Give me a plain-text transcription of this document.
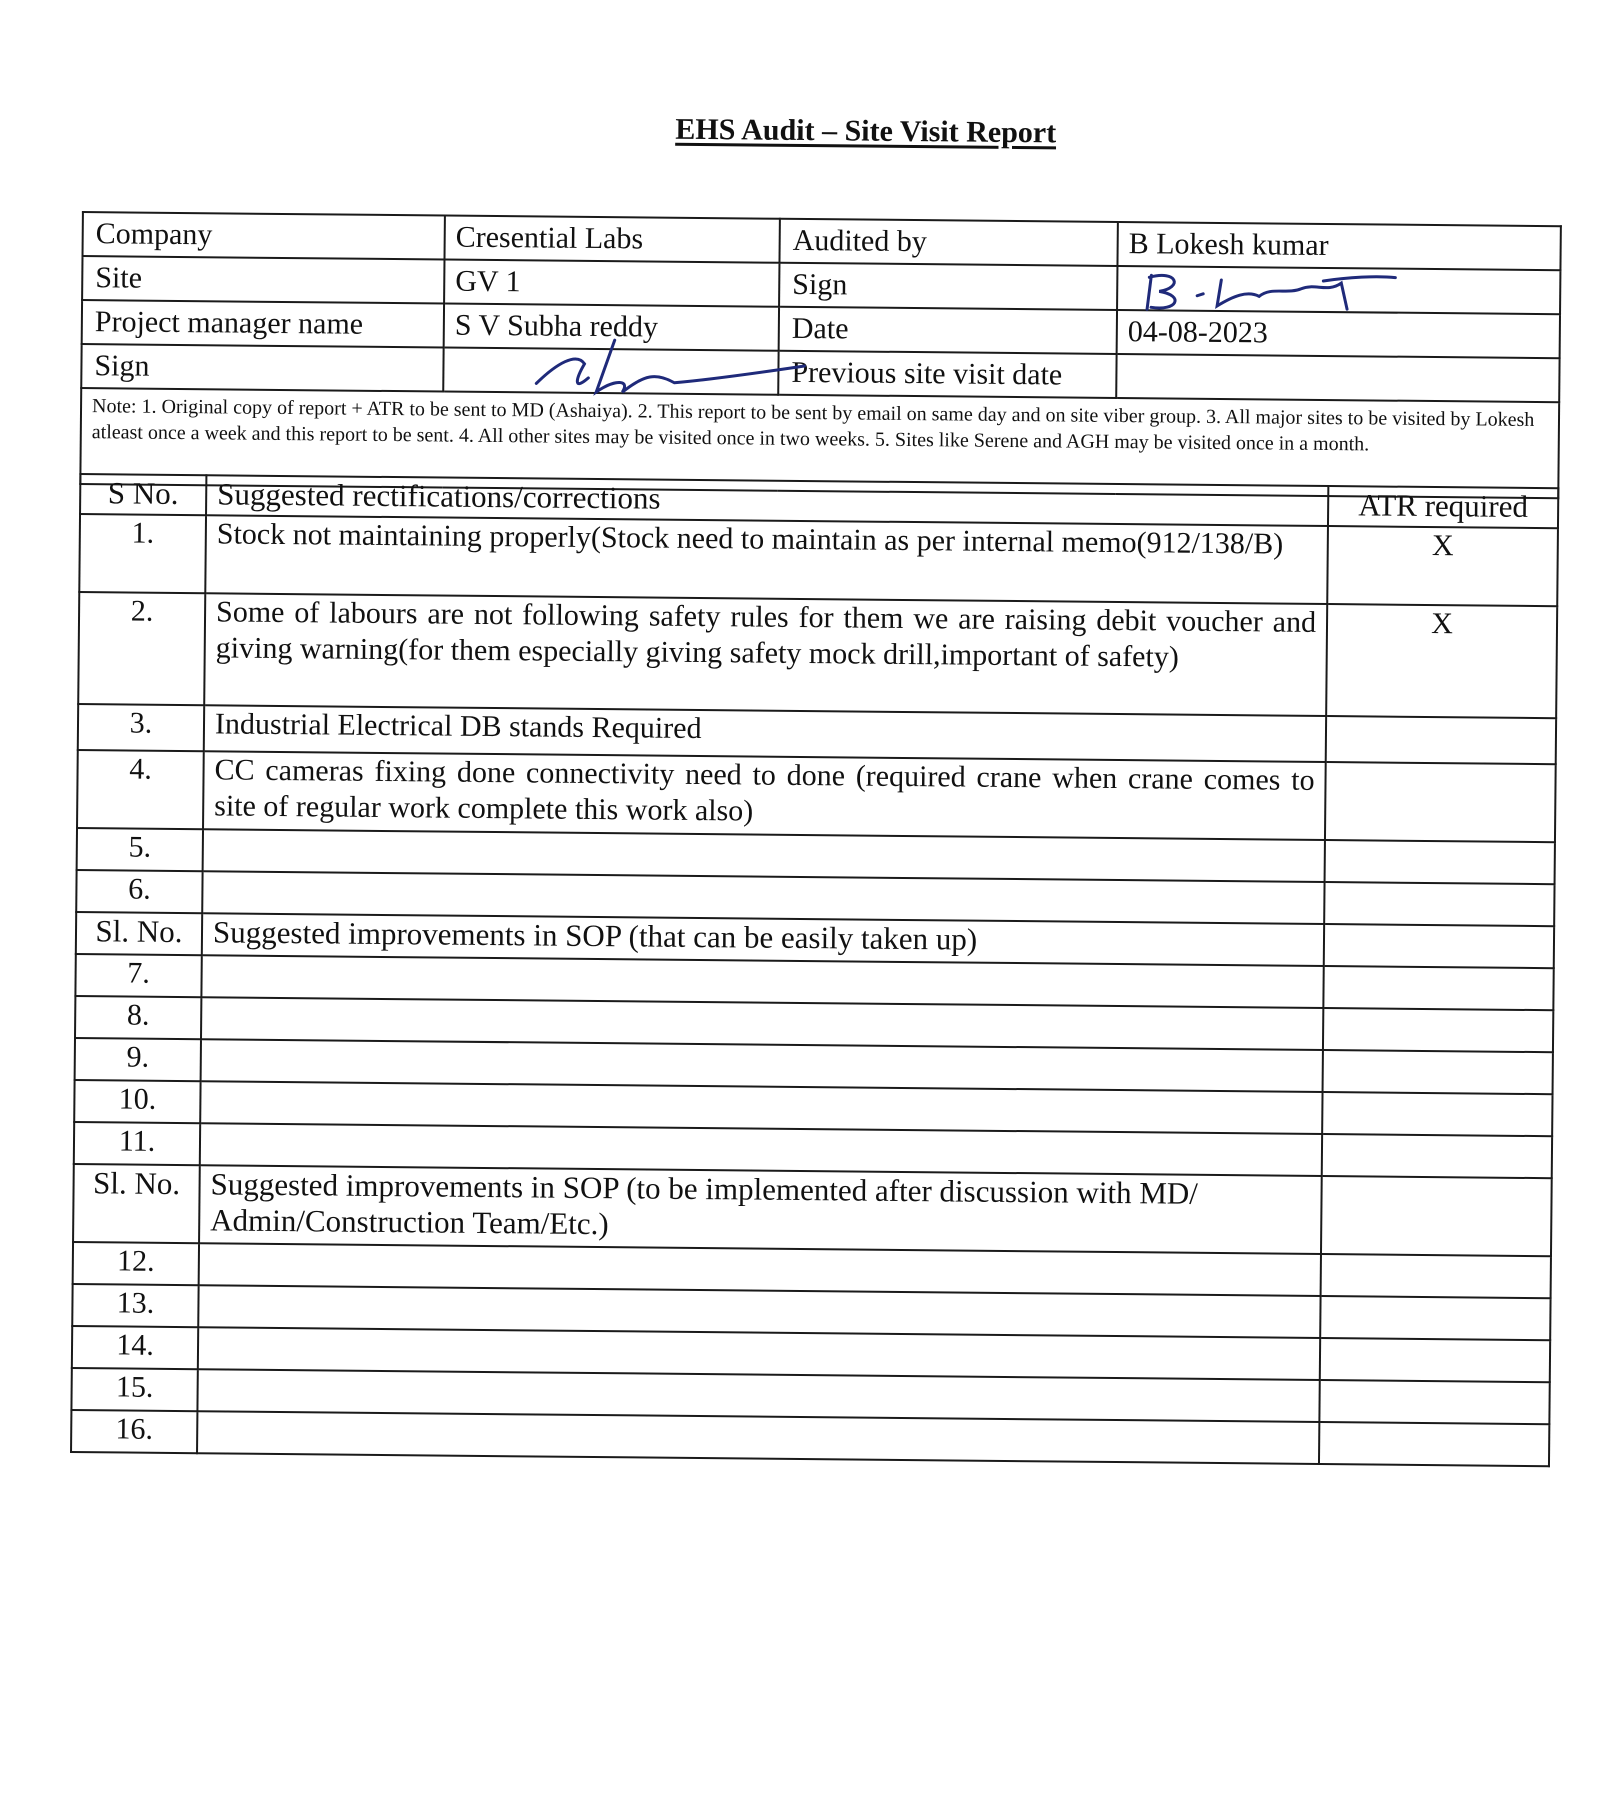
EHS Audit – Site Visit Report
Company	Cresential Labs	Audited by	B Lokesh kumar
Site	GV 1	Sign	
Project manager name	S V Subha reddy	Date	04-08-2023
Sign		Previous site visit date	
Note: 1. Original copy of report + ATR to be sent to MD (Ashaiya). 2. This report to be sent by email on same day and on site viber group. 3. All major sites to be visited by Lokesh atleast once a week and this report to be sent. 4. All other sites may be visited once in two weeks. 5. Sites like Serene and AGH may be visited once in a month.			
S No.	Suggested rectifications/corrections	ATR required
1.	Stock not maintaining properly(Stock need to maintain as per internal memo(912/138/B)	X
2.	Some of labours are not following safety rules for them we are raising debit voucher and giving warning(for them especially giving safety mock drill,important of safety)	X
3.	Industrial Electrical DB stands Required	
4.	CC cameras fixing done connectivity need to done (required crane when crane comes to site of regular work complete this work also)	
5.		
6.		
Sl. No.	Suggested improvements in SOP (that can be easily taken up)	
7.		
8.		
9.		
10.		
11.		
Sl. No.	Suggested improvements in SOP (to be implemented after discussion with MD/ Admin/Construction Team/Etc.)	
12.		
13.		
14.		
15.		
16.		
